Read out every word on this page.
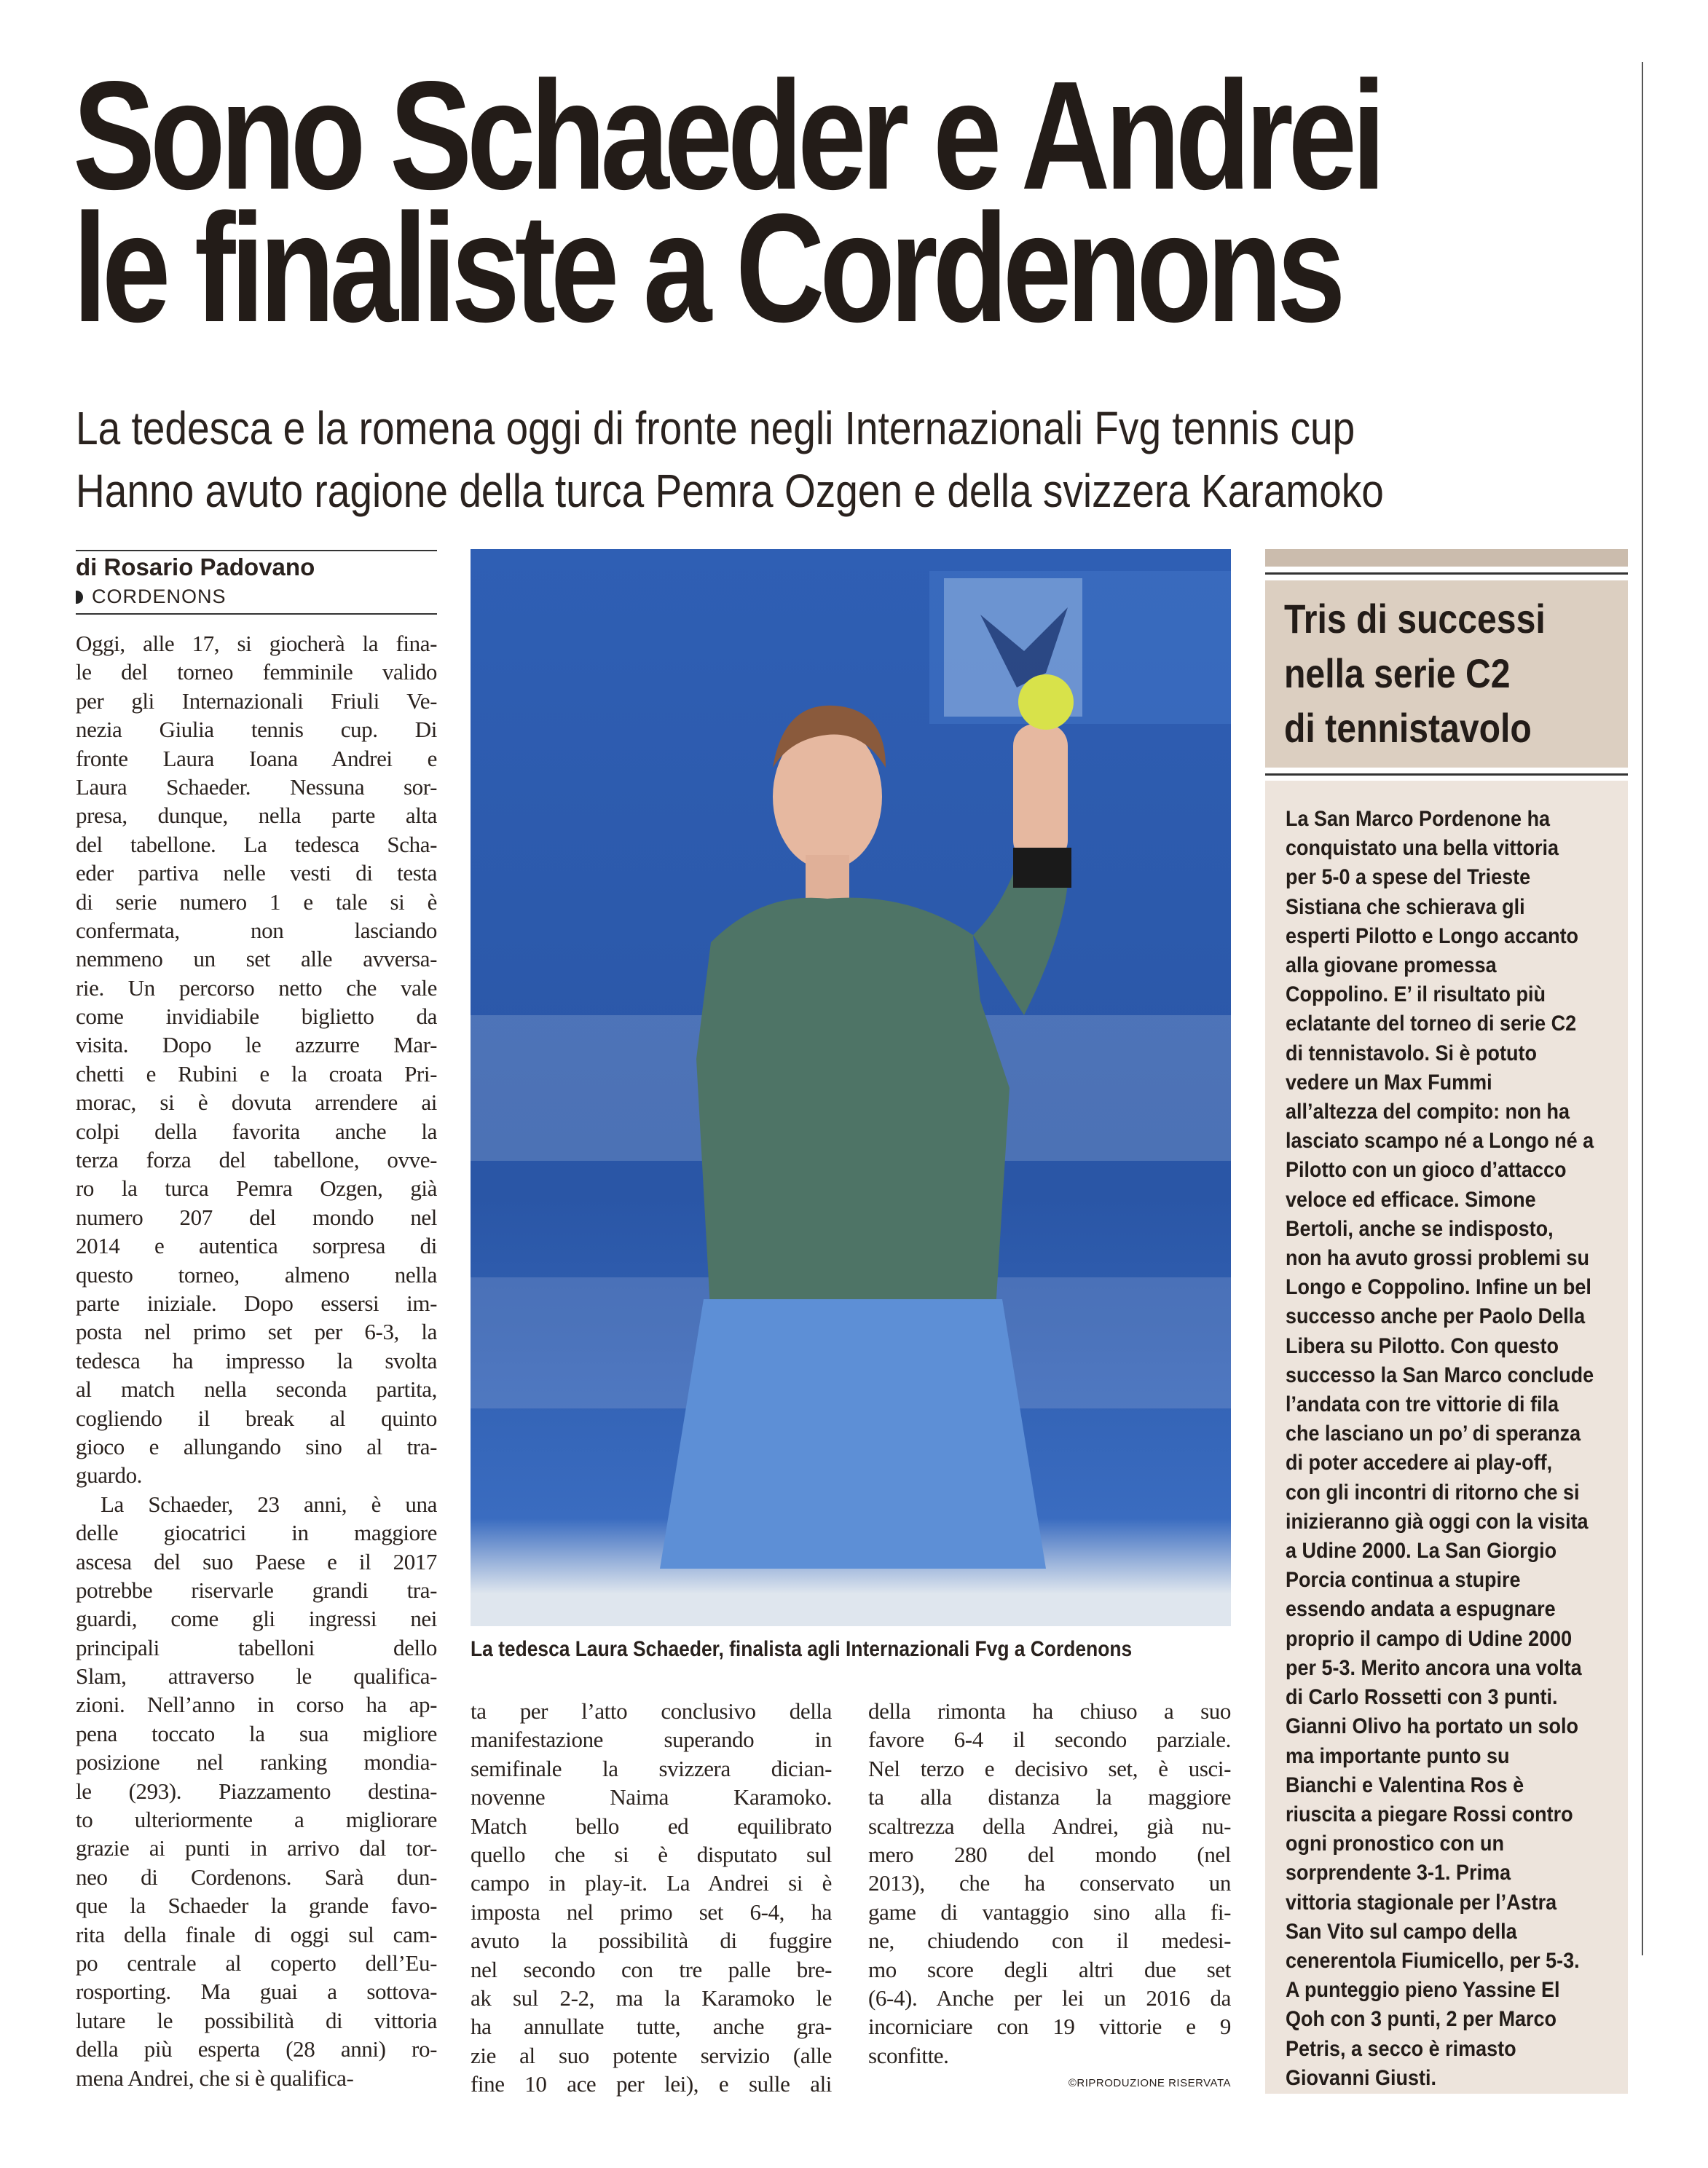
Sono Schaeder e Andrei
le finaliste a Cordenons
La tedesca e la romena oggi di fronte negli Internazionali Fvg tennis cup
Hanno avuto ragione della turca Pemra Ozgen e della svizzera Karamoko
di Rosario Padovano
CORDENONS
Oggi, alle 17, si giocherà la fina-
le del torneo femminile valido
per gli Internazionali Friuli Ve-
nezia Giulia tennis cup. Di
fronte Laura Ioana Andrei e
Laura Schaeder. Nessuna sor-
presa, dunque, nella parte alta
del tabellone. La tedesca Scha-
eder partiva nelle vesti di testa
di serie numero 1 e tale si è
confermata, non lasciando
nemmeno un set alle avversa-
rie. Un percorso netto che vale
come invidiabile biglietto da
visita. Dopo le azzurre Mar-
chetti e Rubini e la croata Pri-
morac, si è dovuta arrendere ai
colpi della favorita anche la
terza forza del tabellone, ovve-
ro la turca Pemra Ozgen, già
numero 207 del mondo nel
2014 e autentica sorpresa di
questo torneo, almeno nella
parte iniziale. Dopo essersi im-
posta nel primo set per 6-3, la
tedesca ha impresso la svolta
al match nella seconda partita,
cogliendo il break al quinto
gioco e allungando sino al tra-
guardo.
La Schaeder, 23 anni, è una
delle giocatrici in maggiore
ascesa del suo Paese e il 2017
potrebbe riservarle grandi tra-
guardi, come gli ingressi nei
principali tabelloni dello
Slam, attraverso le qualifica-
zioni. Nell’anno in corso ha ap-
pena toccato la sua migliore
posizione nel ranking mondia-
le (293). Piazzamento destina-
to ulteriormente a migliorare
grazie ai punti in arrivo dal tor-
neo di Cordenons. Sarà dun-
que la Schaeder la grande favo-
rita della finale di oggi sul cam-
po centrale al coperto dell’Eu-
rosporting. Ma guai a sottova-
lutare le possibilità di vittoria
della più esperta (28 anni) ro-
mena Andrei, che si è qualifica-
La tedesca Laura Schaeder, finalista agli Internazionali Fvg a Cordenons
ta per l’atto conclusivo della
manifestazione superando in
semifinale la svizzera dician-
novenne Naima Karamoko.
Match bello ed equilibrato
quello che si è disputato sul
campo in play-it. La Andrei si è
imposta nel primo set 6-4, ha
avuto la possibilità di fuggire
nel secondo con tre palle bre-
ak sul 2-2, ma la Karamoko le
ha annullate tutte, anche gra-
zie al suo potente servizio (alle
fine 10 ace per lei), e sulle ali
della rimonta ha chiuso a suo
favore 6-4 il secondo parziale.
Nel terzo e decisivo set, è usci-
ta alla distanza la maggiore
scaltrezza della Andrei, già nu-
mero 280 del mondo (nel
2013), che ha conservato un
game di vantaggio sino alla fi-
ne, chiudendo con il medesi-
mo score degli altri due set
(6-4). Anche per lei un 2016 da
incorniciare con 19 vittorie e 9
sconfitte.
©RIPRODUZIONE RISERVATA
Tris di successi
nella serie C2
di tennistavolo
La San Marco Pordenone ha
conquistato una bella vittoria
per 5-0 a spese del Trieste
Sistiana che schierava gli
esperti Pilotto e Longo accanto
alla giovane promessa
Coppolino. E’ il risultato più
eclatante del torneo di serie C2
di tennistavolo. Si è potuto
vedere un Max Fummi
all’altezza del compito: non ha
lasciato scampo né a Longo né a
Pilotto con un gioco d’attacco
veloce ed efficace. Simone
Bertoli, anche se indisposto,
non ha avuto grossi problemi su
Longo e Coppolino. Infine un bel
successo anche per Paolo Della
Libera su Pilotto. Con questo
successo la San Marco conclude
l’andata con tre vittorie di fila
che lasciano un po’ di speranza
di poter accedere ai play-off,
con gli incontri di ritorno che si
inizieranno già oggi con la visita
a Udine 2000. La San Giorgio
Porcia continua a stupire
essendo andata a espugnare
proprio il campo di Udine 2000
per 5-3. Merito ancora una volta
di Carlo Rossetti con 3 punti.
Gianni Olivo ha portato un solo
ma importante punto su
Bianchi e Valentina Ros è
riuscita a piegare Rossi contro
ogni pronostico con un
sorprendente 3-1. Prima
vittoria stagionale per l’Astra
San Vito sul campo della
cenerentola Fiumicello, per 5-3.
A punteggio pieno Yassine El
Qoh con 3 punti, 2 per Marco
Petris, a secco è rimasto
Giovanni Giusti.
